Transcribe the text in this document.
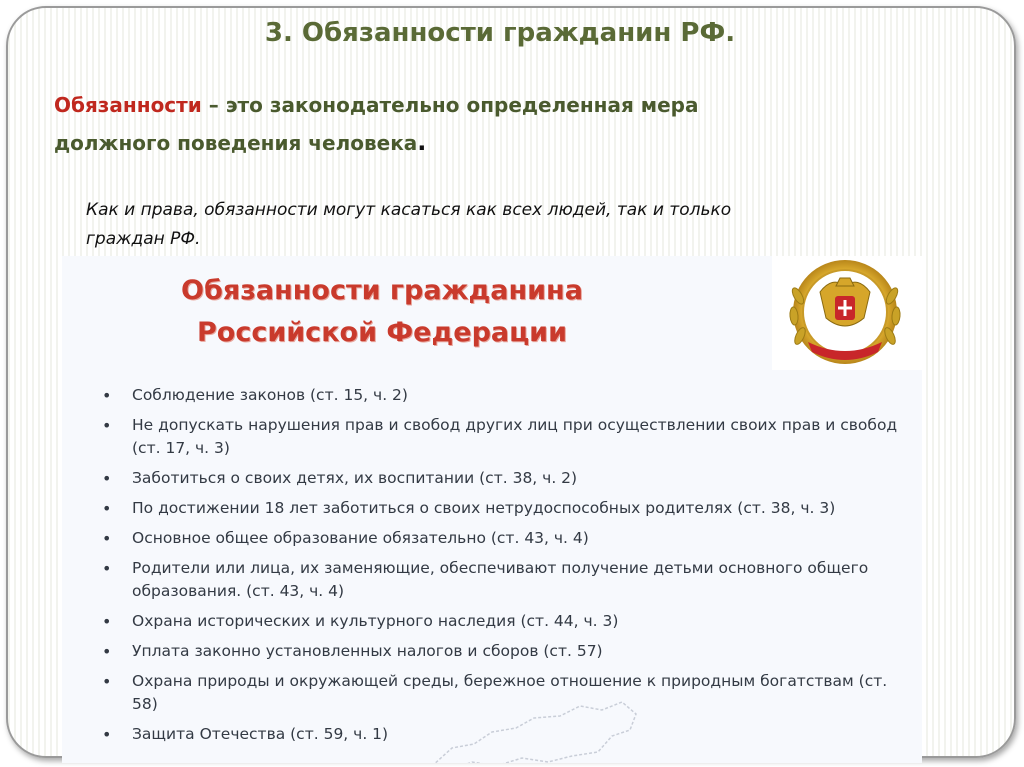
3. Обязанности гражданин РФ.
Обязанности – это законодательно определенная мера должного поведения человека.
Как и права, обязанности могут касаться как всех людей, так и только граждан РФ.
Обязанности гражданина
Российской Федерации
• Соблюдение законов (ст. 15, ч. 2)
• Не допускать нарушения прав и свобод других лиц при осуществлении своих прав и свобод (ст. 17, ч. 3)
• Заботиться о своих детях, их воспитании (ст. 38, ч. 2)
• По достижении 18 лет заботиться о своих нетрудоспособных родителях (ст. 38, ч. 3)
• Основное общее образование обязательно (ст. 43, ч. 4)
• Родители или лица, их заменяющие, обеспечивают получение детьми основного общего образования. (ст. 43, ч. 4)
• Охрана исторических и культурного наследия (ст. 44, ч. 3)
• Уплата законно установленных налогов и сборов (ст. 57)
• Охрана природы и окружающей среды, бережное отношение к природным богатствам (ст. 58)
• Защита Отечества (ст. 59, ч. 1)
